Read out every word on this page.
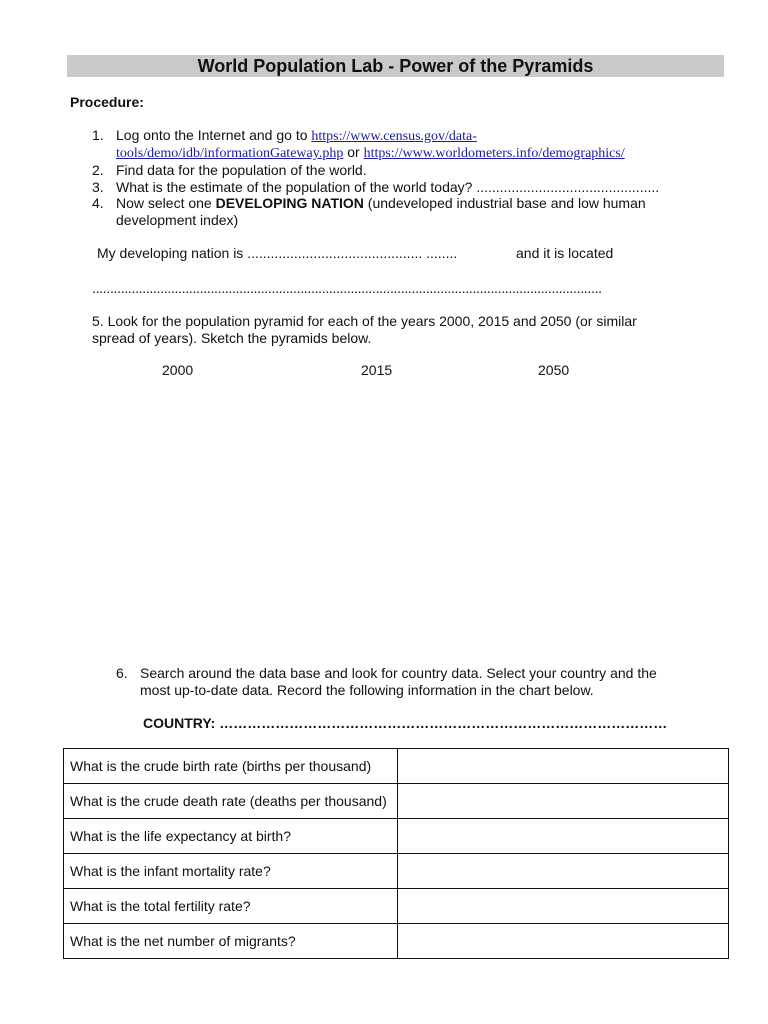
World Population Lab - Power of the Pyramids
Procedure:
1. Log onto the Internet and go to https://www.census.gov/data-
tools/demo/idb/informationGateway.php or https://www.worldometers.info/demographics/
2. Find data for the population of the world.
3. What is the estimate of the population of the world today? ...............................................
4. Now select one DEVELOPING NATION (undeveloped industrial base and low human
development index)
My developing nation is ............................................. ........	and it is located
..............................................................................................................................................
5. Look for the population pyramid for each of the years 2000, 2015 and 2050 (or similar
spread of years). Sketch the pyramids below.
2000	2015	2050
6. Search around the data base and look for country data. Select your country and the
most up-to-date data. Record the following information in the chart below.
COUNTRY: ……………………………………………………………………………………
What is the crude birth rate (births per thousand)	
What is the crude death rate (deaths per thousand)	
What is the life expectancy at birth?	
What is the infant mortality rate?	
What is the total fertility rate?	
What is the net number of migrants?	
